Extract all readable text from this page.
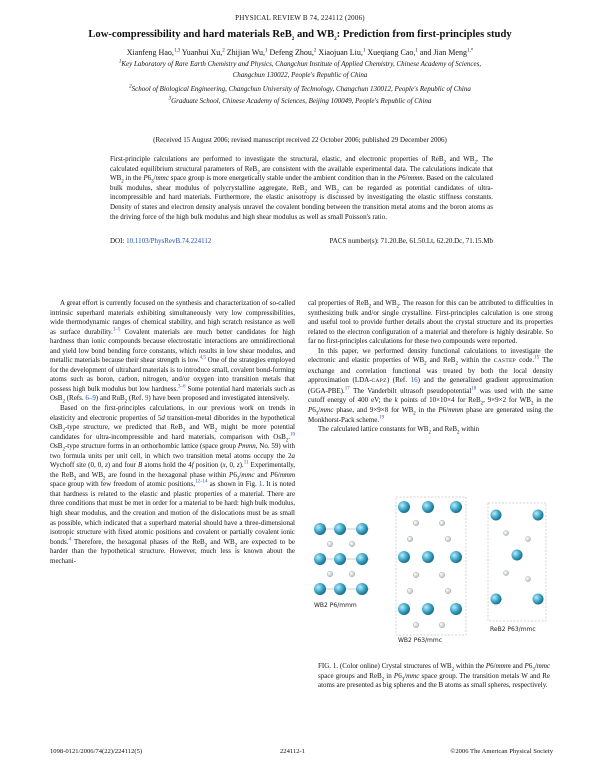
PHYSICAL REVIEW B 74, 224112 (2006)
Low-compressibility and hard materials ReB$_2$ and $WB_2$: Prediction from first-principles study
Xianfeng Hao,$^{1,3}$ Yuanhui Xu,$^2$ Zhijian Wu,$^1$ Defeng Zhou,$^2$ Xiaojuan Liu,$^1$ Xueqiang Cao,$^1$ and Jian Meng$^{1,*}$
$^1$Key Laboratory of Rare Earth Chemistry and Physics, Changchun Institute of Applied Chemistry, Chinese Academy of Sciences,
Changchun 130022, People's Republic of China
$^2$School of Biological Engineering, Changchun University of Technology, Changchun 130012, People's Republic of China
$^3$Graduate School, Chinese Academy of Sciences, Beijing 100049, People's Republic of China
(Received 15 August 2006; revised manuscript received 22 October 2006; published 29 December 2006)
First-principle calculations are performed to investigate the structural, elastic, and electronic properties of ReB$_2$ and $WB_2$. The calculated equilibrium structural parameters of ReB$_2$ are consistent with the available experimental data. The calculations indicate that $WB_2$ in the $P6_3$/mmc space group is more energetically stable under the ambient condition than in the P6/mmm. Based on the calculated bulk modulus, shear modulus of polycrystalline aggregate, ReB$_2$ and $WB_2$ can be regarded as potential candidates of ultra-incompressible and hard materials. Furthermore, the elastic anisotropy is discussed by investigating the elastic stiffness constants. Density of states and electron density analysis unravel the covalent bonding between the transition metal atoms and the boron atoms as the driving force of the high bulk modulus and high shear modulus as well as small Poisson's ratio.
DOI: 10.1103/PhysRevB.74.224112	PACS number(s): 71.20.Be, 61.50.Lt, 62.20.Dc, 71.15.Mb

A great effort is currently focused on the synthesis and characterization of so-called intrinsic superhard materials exhibiting simultaneously very low compressibilities, wide thermodynamic ranges of chemical stability, and high scratch resistance as well as surface durability.$^{1-5}$ Covalent materials are much better candidates for high hardness than ionic compounds because electrostatic interactions are omnidirectional and yield low bond bending force constants, which results in low shear modulus, and metallic materials because their shear strength is low.$^{4,5}$ One of the strategies employed for the development of ultrahard materials is to introduce small, covalent bond-forming atoms such as boron, carbon, nitrogen, and/or oxygen into transition metals that possess high bulk modulus but low hardness.$^{3-6}$ Some potential hard materials such as OsB$_2$ (Refs. 6–9) and RuB$_2$ (Ref. 9) have been proposed and investigated intensively.

Based on the first-principles calculations, in our previous work on trends in elasticity and electronic properties of 5d transition-metal diborides in the hypothetical OsB$_2$-type structure, we predicted that ReB$_2$ and $WB_2$ might be more potential candidates for ultra-incompressible and hard materials, comparison with OsB$_2$.$^{10}$ OsB$_2$-type structure forms in an orthorhombic lattice (space group Pmmn, No. 59) with two formula units per unit cell, in which two transition metal atoms occupy the 2a Wychoff site (0, 0, z) and four B atoms hold the 4f position (x, 0, z).$^{11}$ Experimentally, the ReB$_2$ and $WB_2$ are found in the hexagonal phase within $P6_3$/mmc and P6/mmm space group with few freedom of atomic positions,$^{12-14}$ as shown in Fig. 1. It is noted that hardness is related to the elastic and plastic properties of a material. There are three conditions that must be met in order for a material to be hard: high bulk modulus, high shear modulus, and the creation and motion of the dislocations must be as small as possible, which indicated that a superhard material should have a three-dimensional isotropic structure with fixed atomic positions and covalent or partially covalent ionic bonds.$^4$ Therefore, the hexagonal phases of the ReB$_2$ and $WB_2$ are expected to be harder than the hypothetical structure. However, much less is known about the mechani-

cal properties of ReB$_2$ and $WB_2$. The reason for this can be attributed to difficulties in synthesizing bulk and/or single crystalline. First-principles calculation is one strong and useful tool to provide further details about the crystal structure and its properties related to the electron configuration of a material and therefore is highly desirable. So far no first-principles calculations for these two compounds were reported.

In this paper, we performed density functional calculations to investigate the electronic and elastic properties of $WB_2$ and ReB$_2$ within the CASTEP code.$^{15}$ The exchange and correlation functional was treated by both the local density approximation (LDA-CAPZ) (Ref. 16) and the generalized gradient approximation (GGA-PBE).$^{17}$ The Vanderbilt ultrasoft pseudopotential$^{18}$ was used with the same cutoff energy of 400 eV; the k points of 10×10×4 for ReB$_2$, 9×9×2 for $WB_2$ in the $P6_3$/mmc phase, and 9×9×8 for $WB_2$ in the P6/mmm phase are generated using the Monkhorst-Pack scheme.$^{19}$

The calculated lattice constants for $WB_2$ and ReB$_2$ within

WB2 P6/mmm
WB2 P63/mmc
ReB2 P63/mmc
FIG. 1. (Color online) Crystal structures of $WB_2$ within the P6/mmm and $P6_3$/mmc space groups and ReB$_2$ in $P6_3$/mmc space group. The transition metals W and Re atoms are presented as big spheres and the B atoms as small spheres, respectively.
1098-0121/2006/74(22)/224112(5)	224112-1	©2006 The American Physical Society
